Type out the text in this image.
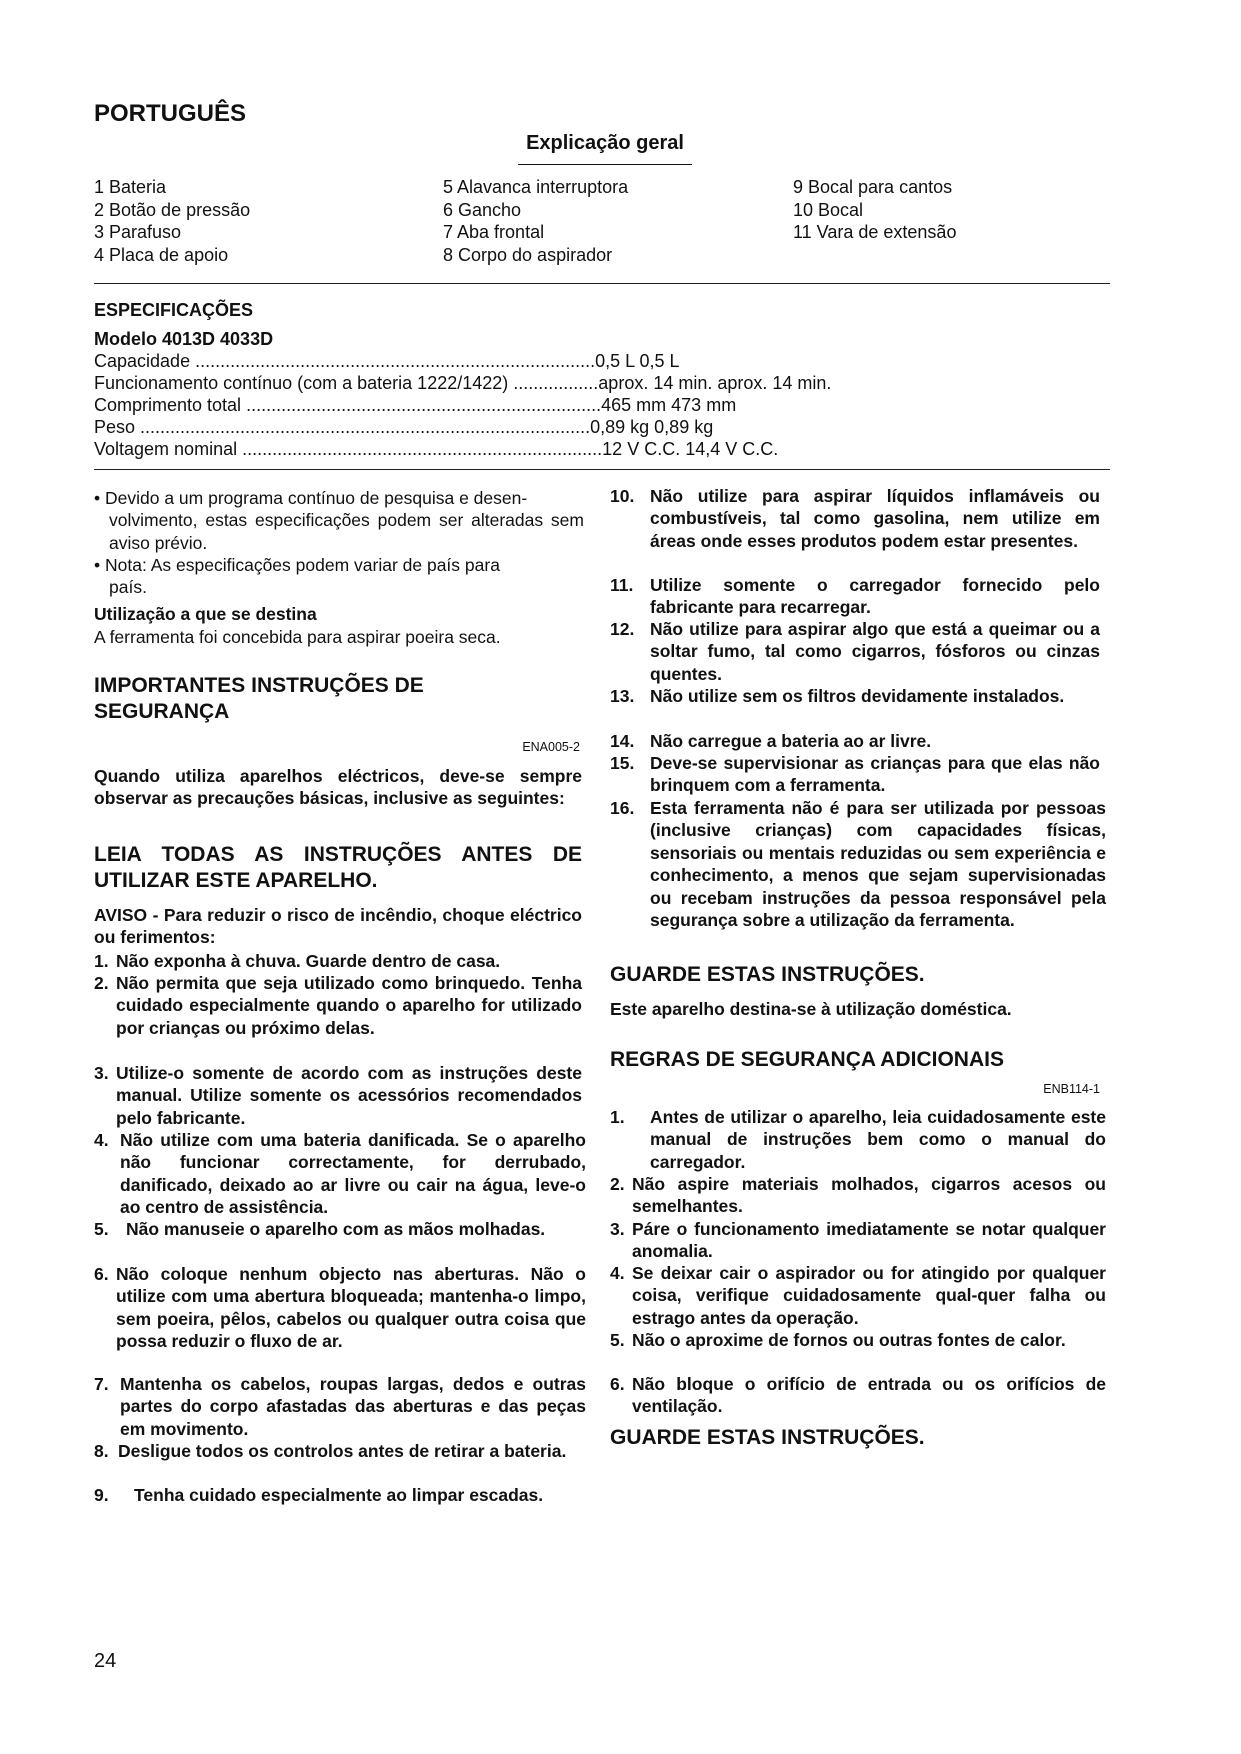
PORTUGUÊS
Explicação geral
1 Bateria
2 Botão de pressão
3 Parafuso
4 Placa de apoio
5 Alavanca interruptora
6 Gancho
7 Aba frontal
8 Corpo do aspirador
9 Bocal para cantos
10 Bocal
11 Vara de extensão
ESPECIFICAÇÕES
Modelo 4013D 4033D
Capacidade ................................................................................0,5 L 0,5 L
Funcionamento contínuo (com a bateria 1222/1422) .................aprox. 14 min. aprox. 14 min.
Comprimento total .......................................................................465 mm 473 mm
Peso ..........................................................................................0,89 kg 0,89 kg
Voltagem nominal ........................................................................12 V C.C. 14,4 V C.C.
• Devido a um programa contínuo de pesquisa e desen-
volvimento, estas especificações podem ser alteradas sem aviso prévio.
• Nota: As especificações podem variar de país para
país.
Utilização a que se destina
A ferramenta foi concebida para aspirar poeira seca.
IMPORTANTES INSTRUÇÕES DE SEGURANÇA
ENA005-2
Quando utiliza aparelhos eléctricos, deve-se sempre observar as precauções básicas, inclusive as seguintes:
LEIA TODAS AS INSTRUÇÕES ANTES DE UTILIZAR ESTE APARELHO.
AVISO - Para reduzir o risco de incêndio, choque eléctrico ou ferimentos:
1. Não exponha à chuva. Guarde dentro de casa.
2. Não permita que seja utilizado como brinquedo. Tenha cuidado especialmente quando o aparelho for utilizado por crianças ou próximo delas.
3. Utilize-o somente de acordo com as instruções deste manual. Utilize somente os acessórios recomendados pelo fabricante.
4. Não utilize com uma bateria danificada. Se o aparelho não funcionar correctamente, for derrubado, danificado, deixado ao ar livre ou cair na água, leve-o ao centro de assistência.
5. Não manuseie o aparelho com as mãos molhadas.
6. Não coloque nenhum objecto nas aberturas. Não o utilize com uma abertura bloqueada; mantenha-o limpo, sem poeira, pêlos, cabelos ou qualquer outra coisa que possa reduzir o fluxo de ar.
7. Mantenha os cabelos, roupas largas, dedos e outras partes do corpo afastadas das aberturas e das peças em movimento.
8. Desligue todos os controlos antes de retirar a bateria.
9.	Tenha cuidado especialmente ao limpar escadas.
10. Não utilize para aspirar líquidos inflamáveis ou combustíveis, tal como gasolina, nem utilize em áreas onde esses produtos podem estar presentes.
11. Utilize somente o carregador fornecido pelo fabricante para recarregar.
12. Não utilize para aspirar algo que está a queimar ou a soltar fumo, tal como cigarros, fósforos ou cinzas quentes.
13. Não utilize sem os filtros devidamente instalados.
14. Não carregue a bateria ao ar livre.
15. Deve-se supervisionar as crianças para que elas não brinquem com a ferramenta.
16. Esta ferramenta não é para ser utilizada por pessoas (inclusive crianças) com capacidades físicas, sensoriais ou mentais reduzidas ou sem experiência e conhecimento, a menos que sejam supervisionadas ou recebam instruções da pessoa responsável pela segurança sobre a utilização da ferramenta.
GUARDE ESTAS INSTRUÇÕES.
Este aparelho destina-se à utilização doméstica.
REGRAS DE SEGURANÇA ADICIONAIS
ENB114-1
1.	Antes de utilizar o aparelho, leia cuidadosamente este manual de instruções bem como o manual do carregador.
2. Não aspire materiais molhados, cigarros acesos ou semelhantes.
3. Páre o funcionamento imediatamente se notar qualquer anomalia.
4. Se deixar cair o aspirador ou for atingido por qualquer coisa, verifique cuidadosamente qual-quer falha ou estrago antes da operação.
5. Não o aproxime de fornos ou outras fontes de calor.
6. Não bloque o orifício de entrada ou os orifícios de ventilação.
GUARDE ESTAS INSTRUÇÕES.
24
